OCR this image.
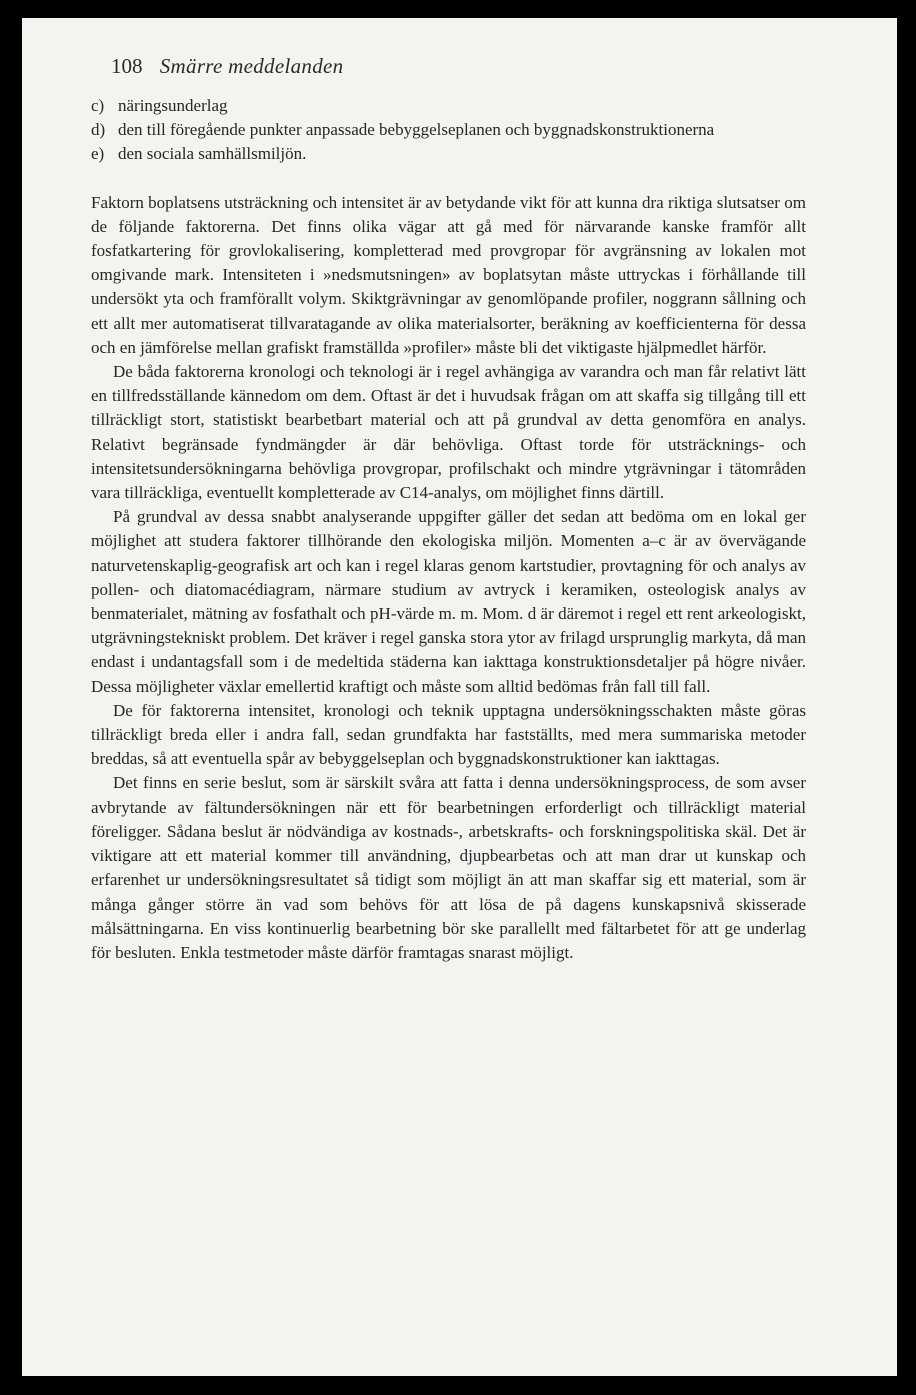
108 Smärre meddelanden
c) näringsunderlag
d) den till föregående punkter anpassade bebyggelseplanen och byggnadskonstruktionerna
e) den sociala samhällsmiljön.

Faktorn boplatsens utsträckning och intensitet är av betydande vikt för att kunna dra riktiga slutsatser om de följande faktorerna. Det finns olika vägar att gå med för närvarande kanske framför allt fosfatkartering för grovlokalisering, kompletterad med provgropar för avgränsning av lokalen mot omgivande mark. Intensiteten i »nedsmutsningen» av boplatsytan måste uttryckas i förhållande till undersökt yta och framförallt volym. Skiktgrävningar av genomlöpande profiler, noggrann sållning och ett allt mer automatiserat tillvaratagande av olika materialsorter, beräkning av koefficienterna för dessa och en jämförelse mellan grafiskt framställda »profiler» måste bli det viktigaste hjälpmedlet härför.

De båda faktorerna kronologi och teknologi är i regel avhängiga av varandra och man får relativt lätt en tillfredsställande kännedom om dem. Oftast är det i huvudsak frågan om att skaffa sig tillgång till ett tillräckligt stort, statistiskt bearbetbart material och att på grundval av detta genomföra en analys. Relativt begränsade fyndmängder är där behövliga. Oftast torde för utsträcknings- och intensitetsundersökningarna behövliga provgropar, profilschakt och mindre ytgrävningar i tätområden vara tillräckliga, eventuellt kompletterade av C14-analys, om möjlighet finns därtill.

På grundval av dessa snabbt analyserande uppgifter gäller det sedan att bedöma om en lokal ger möjlighet att studera faktorer tillhörande den ekologiska miljön. Momenten a–c är av övervägande naturvetenskaplig-geografisk art och kan i regel klaras genom kartstudier, provtagning för och analys av pollen- och diatomacédiagram, närmare studium av avtryck i keramiken, osteologisk analys av benmaterialet, mätning av fosfathalt och pH-värde m. m. Mom. d är däremot i regel ett rent arkeologiskt, utgrävningstekniskt problem. Det kräver i regel ganska stora ytor av frilagd ursprunglig markyta, då man endast i undantagsfall som i de medeltida städerna kan iakttaga konstruktionsdetaljer på högre nivåer. Dessa möjligheter växlar emellertid kraftigt och måste som alltid bedömas från fall till fall.

De för faktorerna intensitet, kronologi och teknik upptagna undersökningsschakten måste göras tillräckligt breda eller i andra fall, sedan grundfakta har fastställts, med mera summariska metoder breddas, så att eventuella spår av bebyggelseplan och byggnadskonstruktioner kan iakttagas.

Det finns en serie beslut, som är särskilt svåra att fatta i denna undersökningsprocess, de som avser avbrytande av fältundersökningen när ett för bearbetningen erforderligt och tillräckligt material föreligger. Sådana beslut är nödvändiga av kostnads-, arbetskrafts- och forskningspolitiska skäl. Det är viktigare att ett material kommer till användning, djupbearbetas och att man drar ut kunskap och erfarenhet ur undersökningsresultatet så tidigt som möjligt än att man skaffar sig ett material, som är många gånger större än vad som behövs för att lösa de på dagens kunskapsnivå skisserade målsättningarna. En viss kontinuerlig bearbetning bör ske parallellt med fältarbetet för att ge underlag för besluten. Enkla testmetoder måste därför framtagas snarast möjligt.
